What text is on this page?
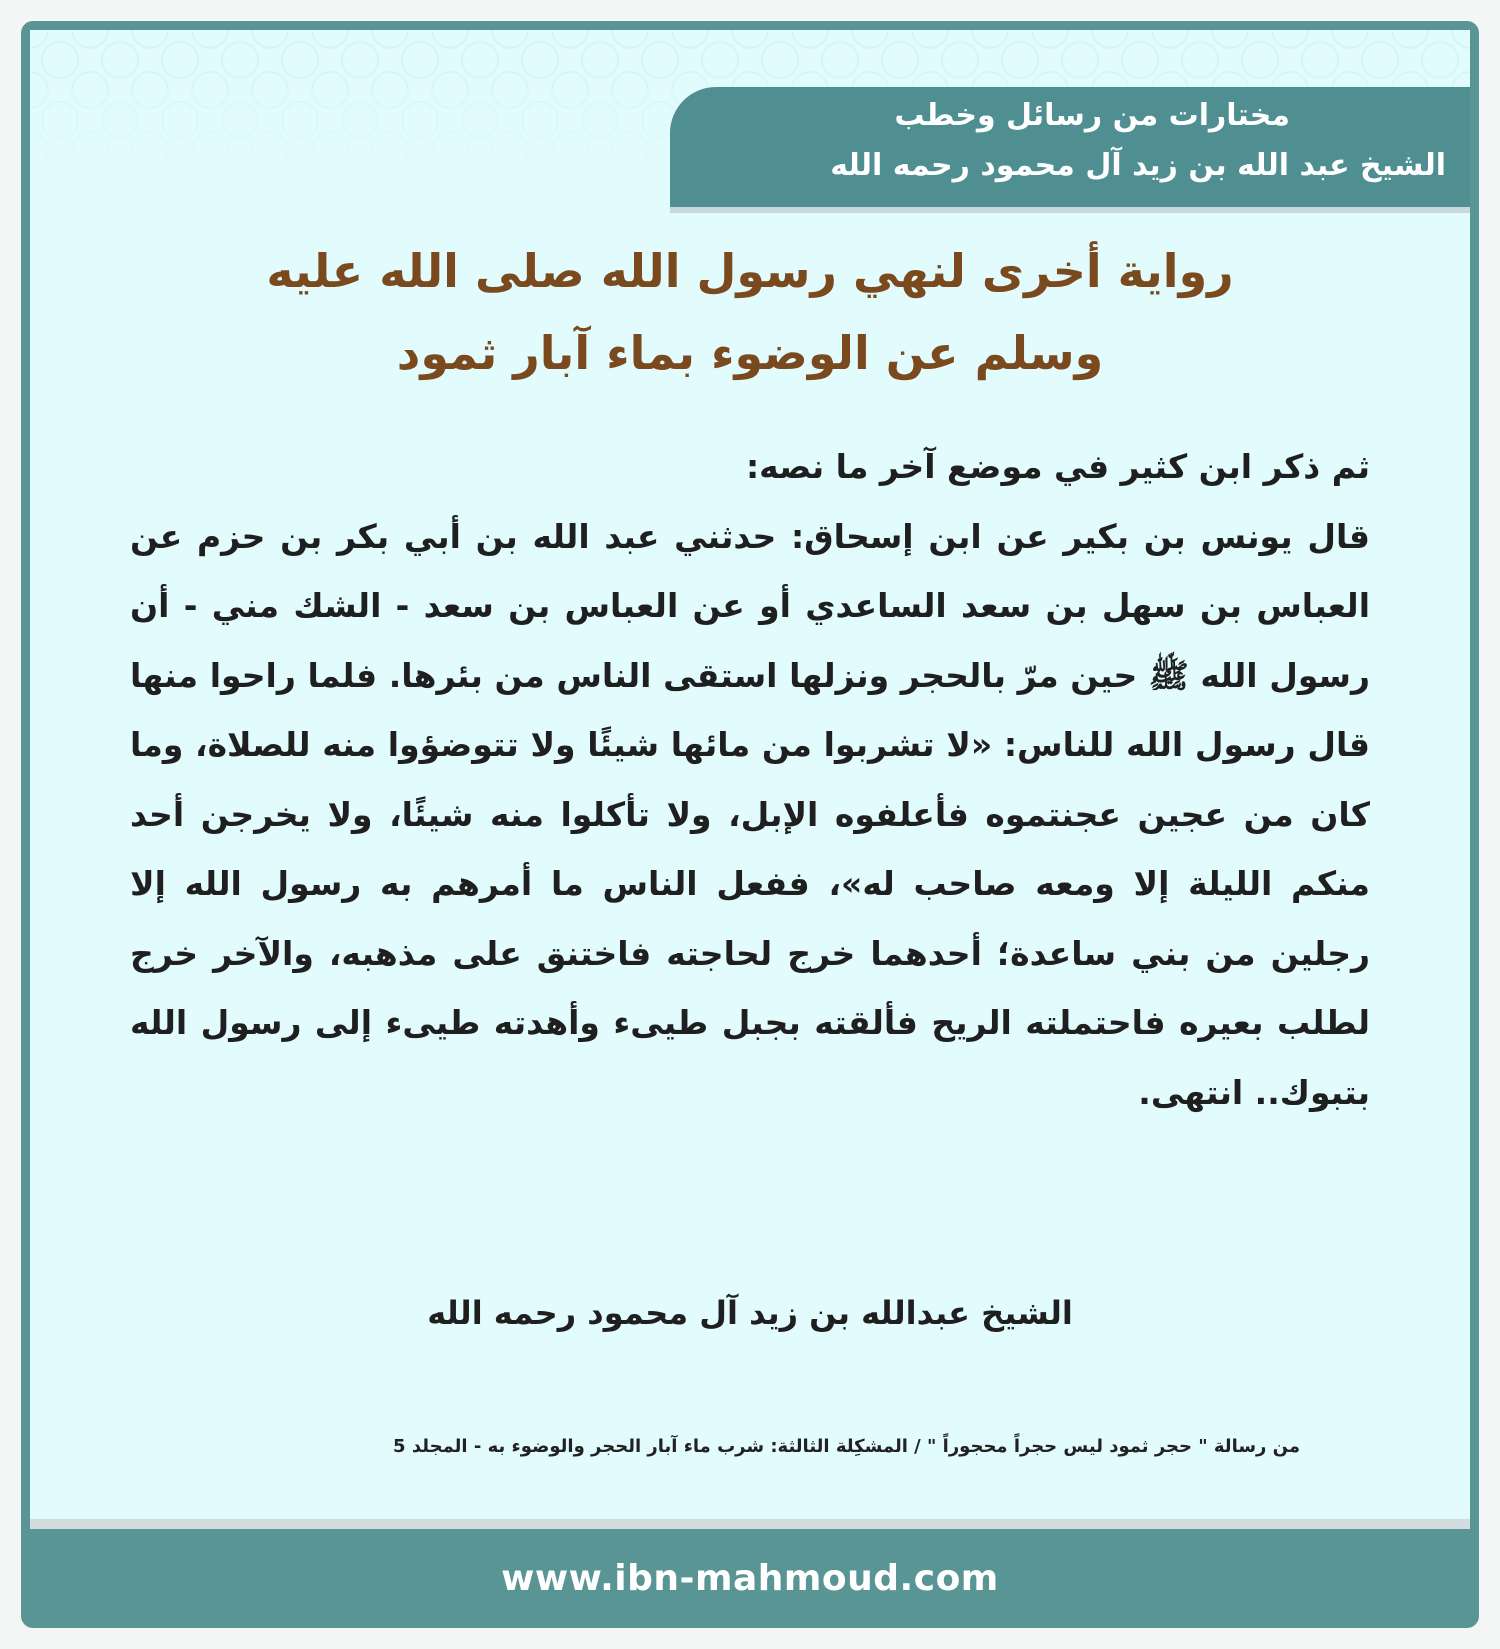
مختارات من رسائل وخطب
الشيخ عبد الله بن زيد آل محمود رحمه الله
رواية أخرى لنهي رسول الله صلى الله عليه
وسلم عن الوضوء بماء آبار ثمود

ثم ذكر ابن كثير في موضع آخر ما نصه:

قال يونس بن بكير عن ابن إسحاق: حدثني عبد الله بن أبي بكر بن حزم عن العباس بن سهل بن سعد الساعدي أو عن العباس بن سعد - الشك مني - أن رسول الله ﷺ حين مرّ بالحجر ونزلها استقى الناس من بئرها. فلما راحوا منها قال رسول الله للناس: «لا تشربوا من مائها شيئًا ولا تتوضؤوا منه للصلاة، وما كان من عجين عجنتموه فأعلفوه الإبل، ولا تأكلوا منه شيئًا، ولا يخرجن أحد منكم الليلة إلا ومعه صاحب له»، ففعل الناس ما أمرهم به رسول الله إلا رجلين من بني ساعدة؛ أحدهما خرج لحاجته فاختنق على مذهبه، والآخر خرج لطلب بعيره فاحتملته الريح فألقته بجبل طيىء وأهدته طيىء إلى رسول الله بتبوك.. انتهى.

الشيخ عبدالله بن زيد آل محمود رحمه الله
من رسالة " حجر ثمود ليس حجراً محجوراً " / المشكِلة الثالثة: شرب ماء آبار الحجر والوضوء به - المجلد 5
www.ibn-mahmoud.com
